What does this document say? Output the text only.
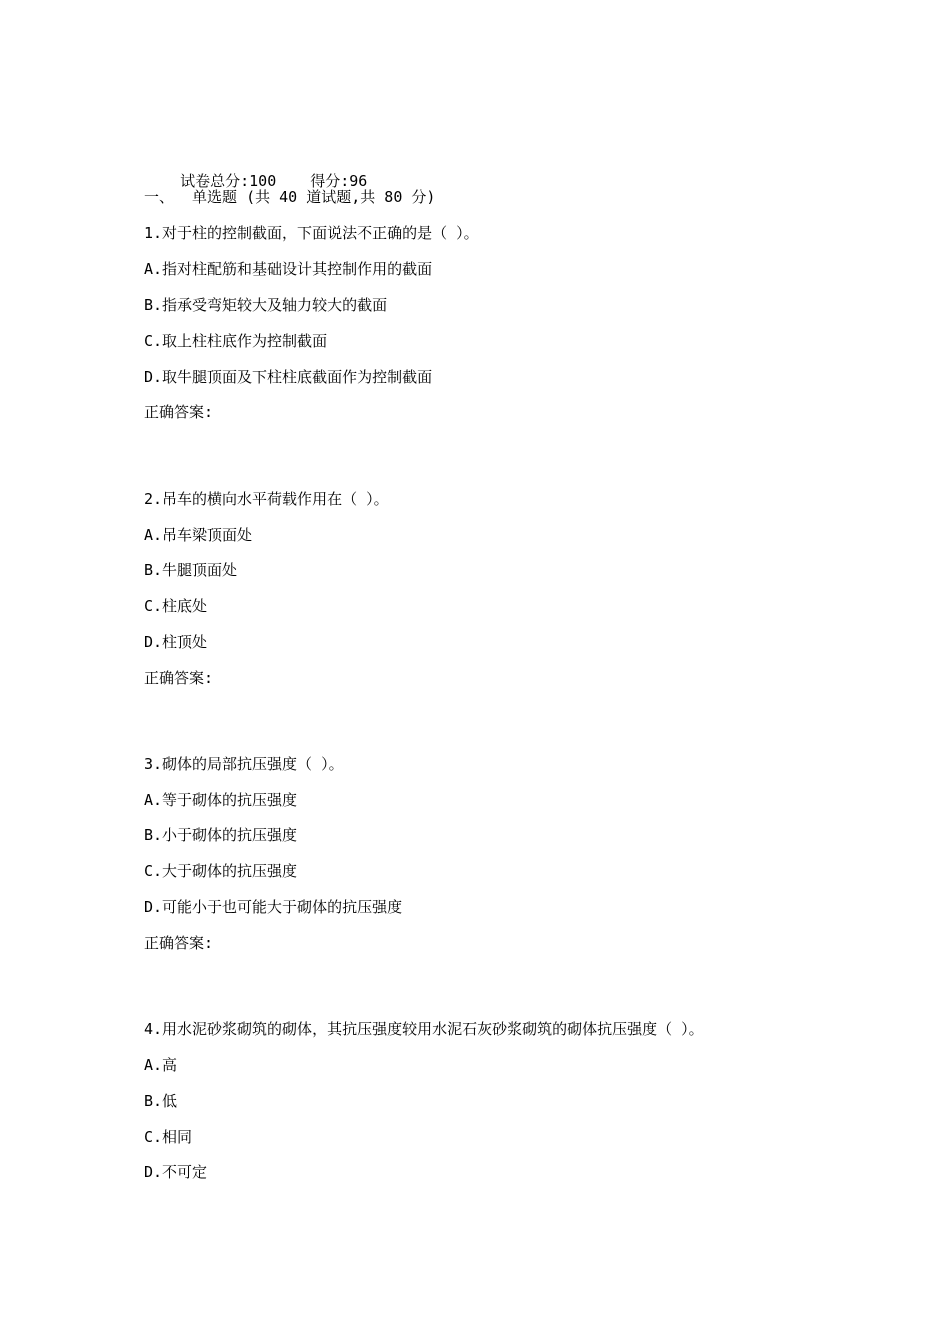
试卷总分:100 得分:96

一、  单选题 (共 40 道试题,共 80 分)
1.对于柱的控制截面，下面说法不正确的是（ ）。
A.指对柱配筋和基础设计其控制作用的截面
B.指承受弯矩较大及轴力较大的截面
C.取上柱柱底作为控制截面
D.取牛腿顶面及下柱柱底截面作为控制截面
正确答案:
2.吊车的横向水平荷载作用在（ ）。
A.吊车梁顶面处
B.牛腿顶面处
C.柱底处
D.柱顶处
正确答案:
3.砌体的局部抗压强度（ ）。
A.等于砌体的抗压强度
B.小于砌体的抗压强度
C.大于砌体的抗压强度
D.可能小于也可能大于砌体的抗压强度
正确答案:
4.用水泥砂浆砌筑的砌体，其抗压强度较用水泥石灰砂浆砌筑的砌体抗压强度（ ）。
A.高
B.低
C.相同
D.不可定
